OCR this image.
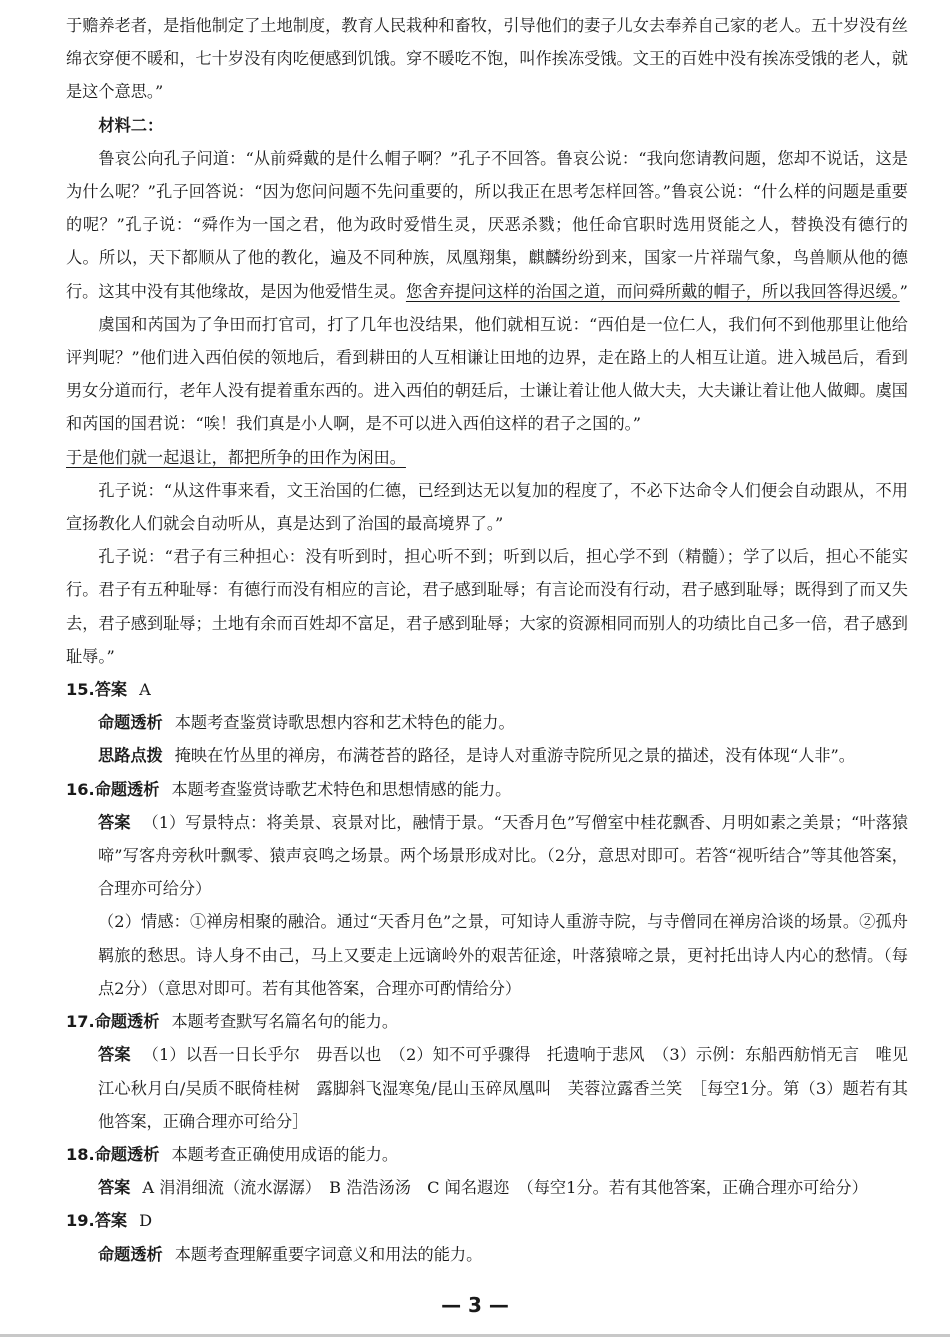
于赡养老者，是指他制定了土地制度，教育人民栽种和畜牧，引导他们的妻子儿女去奉养自己家的老人。五十岁没有丝绵衣穿便不暖和，七十岁没有肉吃便感到饥饿。穿不暖吃不饱，叫作挨冻受饿。文王的百姓中没有挨冻受饿的老人，就是这个意思。”

材料二：

鲁哀公向孔子问道：“从前舜戴的是什么帽子啊？”孔子不回答。鲁哀公说：“我向您请教问题，您却不说话，这是为什么呢？”孔子回答说：“因为您问问题不先问重要的，所以我正在思考怎样回答。”鲁哀公说：“什么样的问题是重要的呢？”孔子说：“舜作为一国之君，他为政时爱惜生灵，厌恶杀戮；他任命官职时选用贤能之人，替换没有德行的人。所以，天下都顺从了他的教化，遍及不同种族，凤凰翔集，麒麟纷纷到来，国家一片祥瑞气象，鸟兽顺从他的德行。这其中没有其他缘故，是因为他爱惜生灵。您舍弃提问这样的治国之道，而问舜所戴的帽子，所以我回答得迟缓。”

虞国和芮国为了争田而打官司，打了几年也没结果，他们就相互说：“西伯是一位仁人，我们何不到他那里让他给评判呢？”他们进入西伯侯的领地后，看到耕田的人互相谦让田地的边界，走在路上的人相互让道。进入城邑后，看到男女分道而行，老年人没有提着重东西的。进入西伯的朝廷后，士谦让着让他人做大夫，大夫谦让着让他人做卿。虞国和芮国的国君说：“唉！我们真是小人啊，是不可以进入西伯这样的君子之国的。”
于是他们就一起退让，都把所争的田作为闲田。

孔子说：“从这件事来看，文王治国的仁德，已经到达无以复加的程度了，不必下达命令人们便会自动跟从，不用宣扬教化人们就会自动听从，真是达到了治国的最高境界了。”

孔子说：“君子有三种担心：没有听到时，担心听不到；听到以后，担心学不到（精髓）；学了以后，担心不能实行。君子有五种耻辱：有德行而没有相应的言论，君子感到耻辱；有言论而没有行动，君子感到耻辱；既得到了而又失去，君子感到耻辱；土地有余而百姓却不富足，君子感到耻辱；大家的资源相同而别人的功绩比自己多一倍，君子感到耻辱。”

15.答案 A

命题透析 本题考查鉴赏诗歌思想内容和艺术特色的能力。

思路点拨 掩映在竹丛里的禅房，布满苍苔的路径，是诗人对重游寺院所见之景的描述，没有体现“人非”。

16.命题透析 本题考查鉴赏诗歌艺术特色和思想情感的能力。

答案 （1）写景特点：将美景、哀景对比，融情于景。“天香月色”写僧室中桂花飘香、月明如素之美景；“叶落猿啼”写客舟旁秋叶飘零、猿声哀鸣之场景。两个场景形成对比。（2分，意思对即可。若答“视听结合”等其他答案，合理亦可给分）

（2）情感：①禅房相聚的融洽。通过“天香月色”之景，可知诗人重游寺院，与寺僧同在禅房洽谈的场景。②孤舟羁旅的愁思。诗人身不由己，马上又要走上远谪岭外的艰苦征途，叶落猿啼之景，更衬托出诗人内心的愁情。（每点2分）（意思对即可。若有其他答案，合理亦可酌情给分）

17.命题透析 本题考查默写名篇名句的能力。

答案 （1）以吾一日长乎尔　毋吾以也　（2）知不可乎骤得　托遗响于悲风　（3）示例：东船西舫悄无言　唯见江心秋月白/吴质不眠倚桂树　露脚斜飞湿寒兔/昆山玉碎凤凰叫　芙蓉泣露香兰笑　［每空1分。第（3）题若有其他答案，正确合理亦可给分］

18.命题透析 本题考查正确使用成语的能力。

答案 A 涓涓细流（流水潺潺）　B 浩浩汤汤　C 闻名遐迩　（每空1分。若有其他答案，正确合理亦可给分）

19.答案 D

命题透析 本题考查理解重要字词意义和用法的能力。

— 3 —
